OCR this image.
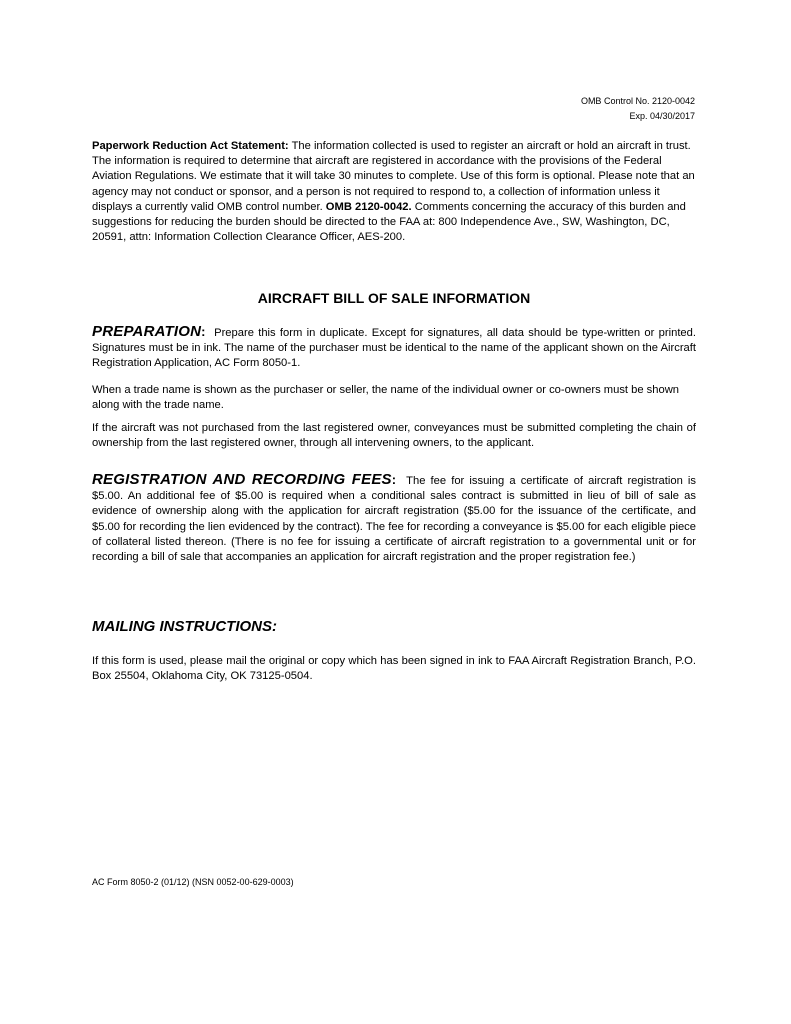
OMB Control No. 2120-0042
Exp. 04/30/2017
Paperwork Reduction Act Statement: The information collected is used to register an aircraft or hold an aircraft in trust. The information is required to determine that aircraft are registered in accordance with the provisions of the Federal Aviation Regulations. We estimate that it will take 30 minutes to complete. Use of this form is optional. Please note that an agency may not conduct or sponsor, and a person is not required to respond to, a collection of information unless it displays a currently valid OMB control number. OMB 2120-0042. Comments concerning the accuracy of this burden and suggestions for reducing the burden should be directed to the FAA at: 800 Independence Ave., SW, Washington, DC, 20591, attn: Information Collection Clearance Officer, AES-200.
AIRCRAFT BILL OF SALE INFORMATION
PREPARATION: Prepare this form in duplicate. Except for signatures, all data should be type-written or printed. Signatures must be in ink. The name of the purchaser must be identical to the name of the applicant shown on the Aircraft Registration Application, AC Form 8050-1.
When a trade name is shown as the purchaser or seller, the name of the individual owner or co-owners must be shown along with the trade name.
If the aircraft was not purchased from the last registered owner, conveyances must be submitted completing the chain of ownership from the last registered owner, through all intervening owners, to the applicant.
REGISTRATION AND RECORDING FEES: The fee for issuing a certificate of aircraft registration is $5.00. An additional fee of $5.00 is required when a conditional sales contract is submitted in lieu of bill of sale as evidence of ownership along with the application for aircraft registration ($5.00 for the issuance of the certificate, and $5.00 for recording the lien evidenced by the contract). The fee for recording a conveyance is $5.00 for each eligible piece of collateral listed thereon. (There is no fee for issuing a certificate of aircraft registration to a governmental unit or for recording a bill of sale that accompanies an application for aircraft registration and the proper registration fee.)
MAILING INSTRUCTIONS:
If this form is used, please mail the original or copy which has been signed in ink to FAA Aircraft Registration Branch, P.O. Box 25504, Oklahoma City, OK 73125-0504.
AC Form 8050-2 (01/12) (NSN 0052-00-629-0003)
